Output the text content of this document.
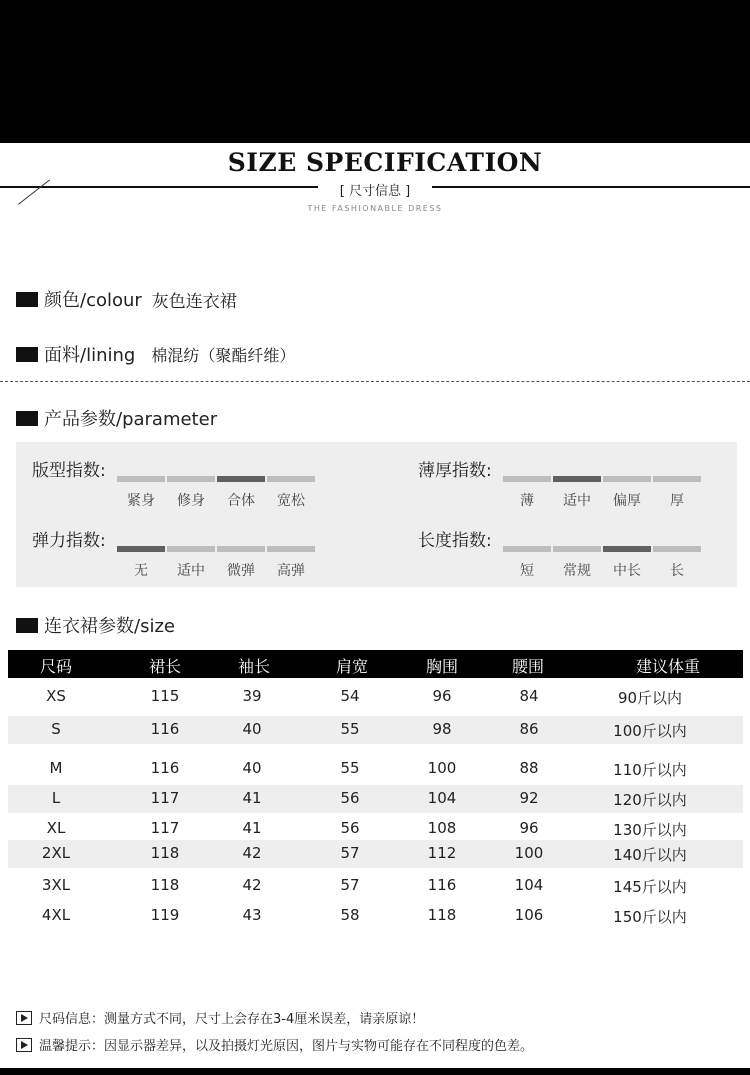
SIZE SPECIFICATION
[ 尺寸信息 ]
THE FASHIONABLE DRESS
颜色/colour 灰色连衣裙
面料/lining 棉混纺（聚酯纤维）
产品参数/parameter
版型指数:
紧身	修身	合体	宽松
薄厚指数:
薄	适中	偏厚	厚
弹力指数:
无	适中	微弹	高弹
长度指数:
短	常规	中长	长
连衣裙参数/size
尺码	裙长	袖长	肩宽	胸围	腰围	建议体重
XS	115	39	54	96	84	90斤以内
S	116	40	55	98	86	100斤以内
M	116	40	55	100	88	110斤以内
L	117	41	56	104	92	120斤以内
XL	117	41	56	108	96	130斤以内
2XL	118	42	57	112	100	140斤以内
3XL	118	42	57	116	104	145斤以内
4XL	119	43	58	118	106	150斤以内
尺码信息：测量方式不同，尺寸上会存在3-4厘米误差，请亲原谅！
温馨提示：因显示器差异，以及拍摄灯光原因，图片与实物可能存在不同程度的色差。
